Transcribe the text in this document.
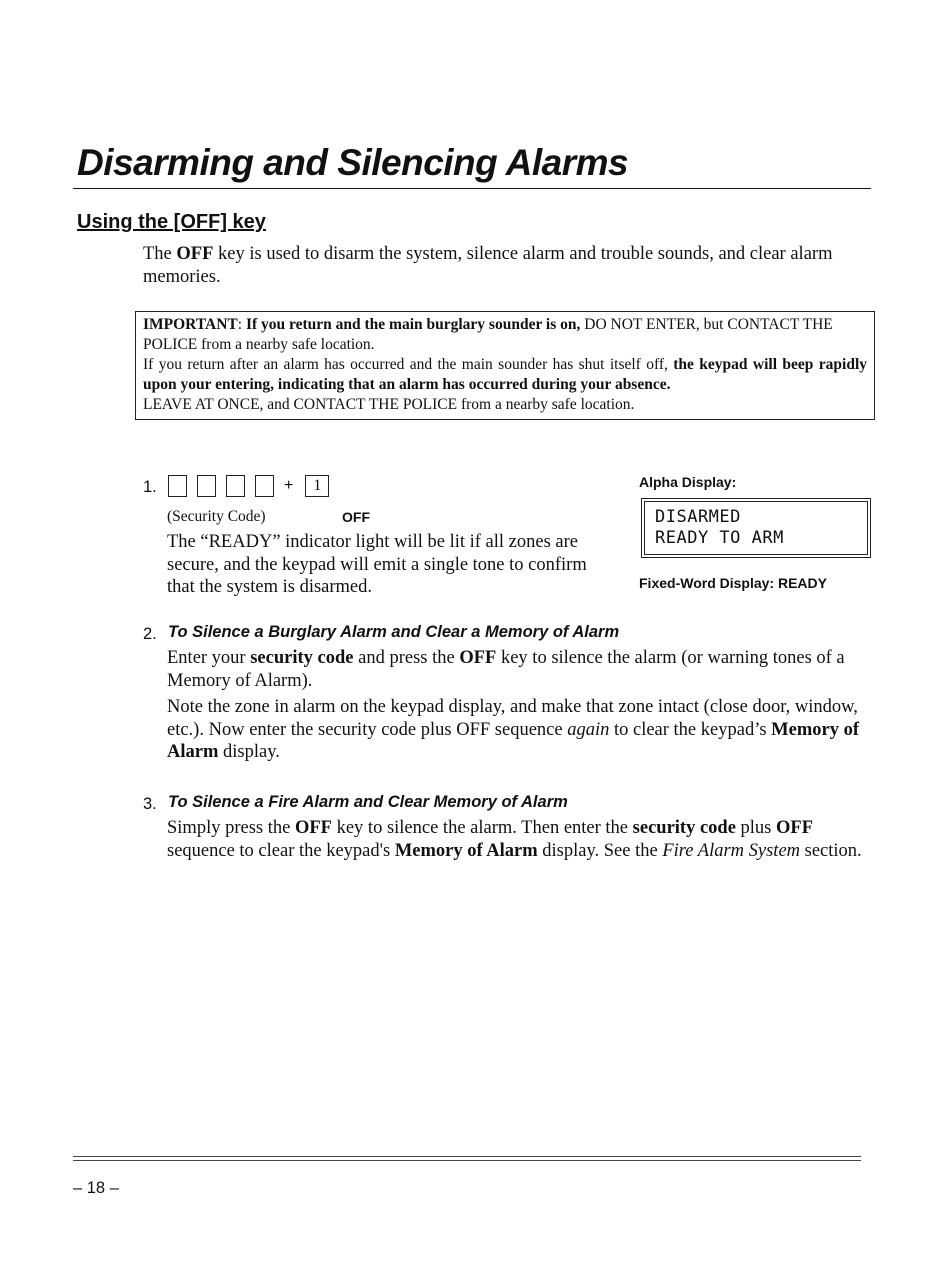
Disarming and Silencing Alarms
Using the [OFF] key

The OFF key is used to disarm the system, silence alarm and trouble sounds, and clear alarm memories.

IMPORTANT: If you return and the main burglary sounder is on, DO NOT ENTER, but CONTACT THE POLICE from a nearby safe location.

If you return after an alarm has occurred and the main sounder has shut itself off, the keypad will beep rapidly upon your entering, indicating that an alarm has occurred during your absence.

LEAVE AT ONCE, and CONTACT THE POLICE from a nearby safe location.

1.	+	1
(Security Code)	OFF

The “READY” indicator light will be lit if all zones are secure, and the keypad will emit a single tone to confirm that the system is disarmed.

Alpha Display:
DISARMED
READY TO ARM
Fixed-Word Display: READY
2. To Silence a Burglary Alarm and Clear a Memory of Alarm

Enter your security code and press the OFF key to silence the alarm (or warning tones of a Memory of Alarm).

Note the zone in alarm on the keypad display, and make that zone intact (close door, window, etc.). Now enter the security code plus OFF sequence again to clear the keypad’s Memory of Alarm display.

3. To Silence a Fire Alarm and Clear Memory of Alarm

Simply press the OFF key to silence the alarm. Then enter the security code plus OFF sequence to clear the keypad's Memory of Alarm display. See the Fire Alarm System section.

– 18 –
